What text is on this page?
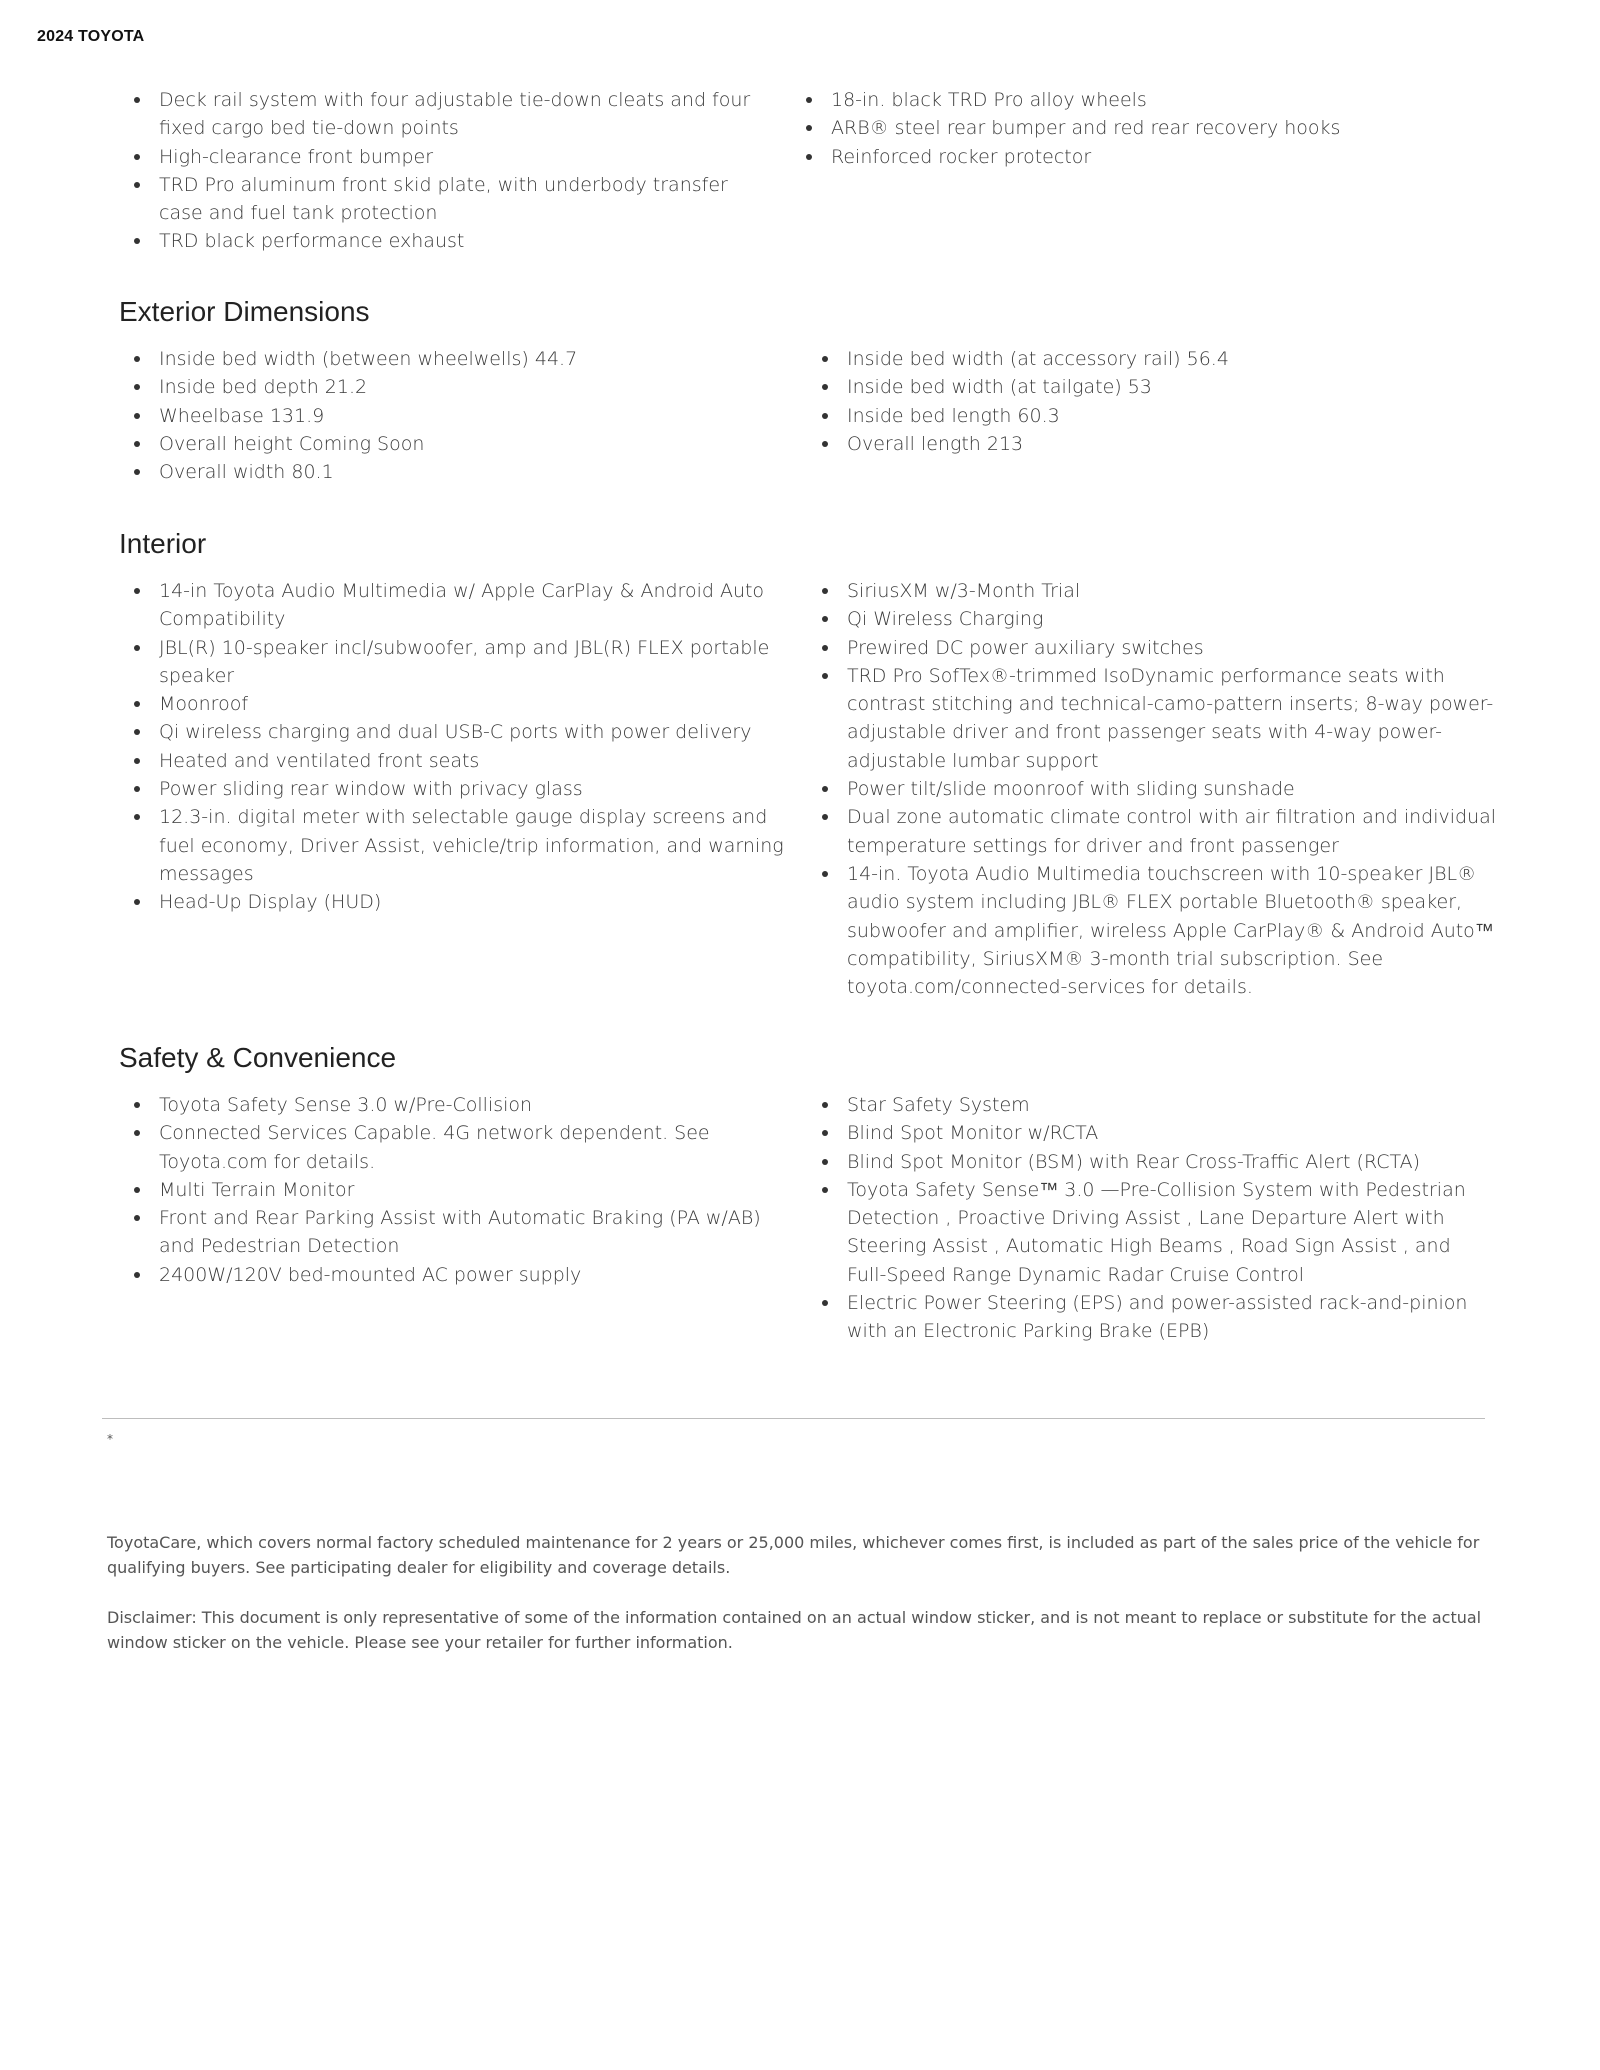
2024 TOYOTA
Deck rail system with four adjustable tie-down cleats and four fixed cargo bed tie-down points
High-clearance front bumper
TRD Pro aluminum front skid plate, with underbody transfer case and fuel tank protection
TRD black performance exhaust
18-in. black TRD Pro alloy wheels
ARB® steel rear bumper and red rear recovery hooks
Reinforced rocker protector
Exterior Dimensions
Inside bed width (between wheelwells) 44.7
Inside bed depth 21.2
Wheelbase 131.9
Overall height Coming Soon
Overall width 80.1
Inside bed width (at accessory rail) 56.4
Inside bed width (at tailgate) 53
Inside bed length 60.3
Overall length 213
Interior
14-in Toyota Audio Multimedia w/ Apple CarPlay & Android Auto Compatibility
JBL(R) 10-speaker incl/subwoofer, amp and JBL(R) FLEX portable speaker
Moonroof
Qi wireless charging and dual USB-C ports with power delivery
Heated and ventilated front seats
Power sliding rear window with privacy glass
12.3-in. digital meter with selectable gauge display screens and fuel economy, Driver Assist, vehicle/trip information, and warning messages
Head-Up Display (HUD)
SiriusXM w/3-Month Trial
Qi Wireless Charging
Prewired DC power auxiliary switches
TRD Pro SofTex®-trimmed IsoDynamic performance seats with contrast stitching and technical-camo-pattern inserts; 8-way power-adjustable driver and front passenger seats with 4-way power-adjustable lumbar support
Power tilt/slide moonroof with sliding sunshade
Dual zone automatic climate control with air filtration and individual temperature settings for driver and front passenger
14-in. Toyota Audio Multimedia touchscreen with 10-speaker JBL® audio system including JBL® FLEX portable Bluetooth® speaker, subwoofer and amplifier, wireless Apple CarPlay® & Android Auto™ compatibility, SiriusXM® 3-month trial subscription. See toyota.com/connected-services for details.
Safety & Convenience
Toyota Safety Sense 3.0 w/Pre-Collision
Connected Services Capable. 4G network dependent. See Toyota.com for details.
Multi Terrain Monitor
Front and Rear Parking Assist with Automatic Braking (PA w/AB) and Pedestrian Detection
2400W/120V bed-mounted AC power supply
Star Safety System
Blind Spot Monitor w/RCTA
Blind Spot Monitor (BSM) with Rear Cross-Traffic Alert (RCTA)
Toyota Safety Sense™ 3.0 —Pre-Collision System with Pedestrian Detection , Proactive Driving Assist , Lane Departure Alert with Steering Assist , Automatic High Beams , Road Sign Assist , and Full-Speed Range Dynamic Radar Cruise Control
Electric Power Steering (EPS) and power-assisted rack-and-pinion with an Electronic Parking Brake (EPB)
*
ToyotaCare, which covers normal factory scheduled maintenance for 2 years or 25,000 miles, whichever comes first, is included as part of the sales price of the vehicle for qualifying buyers. See participating dealer for eligibility and coverage details.
Disclaimer: This document is only representative of some of the information contained on an actual window sticker, and is not meant to replace or substitute for the actual window sticker on the vehicle. Please see your retailer for further information.
